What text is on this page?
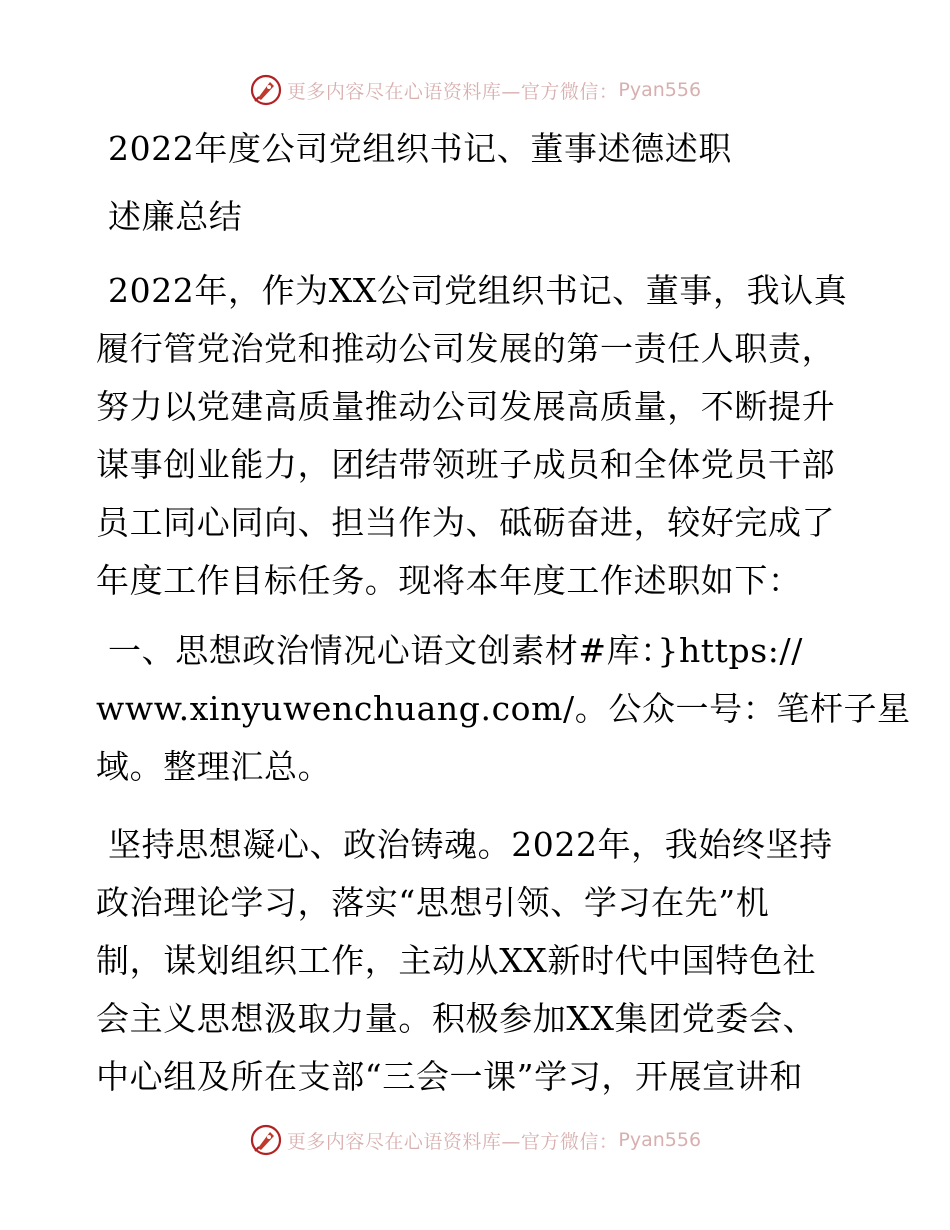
更多内容尽在心语资料库—官方微信： Pyan556
2022年度公司党组织书记、董事述德述职
述廉总结
2022年，作为XX公司党组织书记、董事，我认真
履行管党治党和推动公司发展的第一责任人职责，
努力以党建高质量推动公司发展高质量，不断提升
谋事创业能力，团结带领班子成员和全体党员干部
员工同心同向、担当作为、砥砺奋进，较好完成了
年度工作目标任务。现将本年度工作述职如下：
一、思想政治情况心语文创素材#库：}https://
www.xinyuwenchuang.com/。公众一号：笔杆子星
域。整理汇总。
坚持思想凝心、政治铸魂。2022年，我始终坚持
政治理论学习，落实“思想引领、学习在先”机
制，谋划组织工作，主动从XX新时代中国特色社
会主义思想汲取力量。积极参加XX集团党委会、
中心组及所在支部“三会一课”学习，开展宣讲和
更多内容尽在心语资料库—官方微信： Pyan556
